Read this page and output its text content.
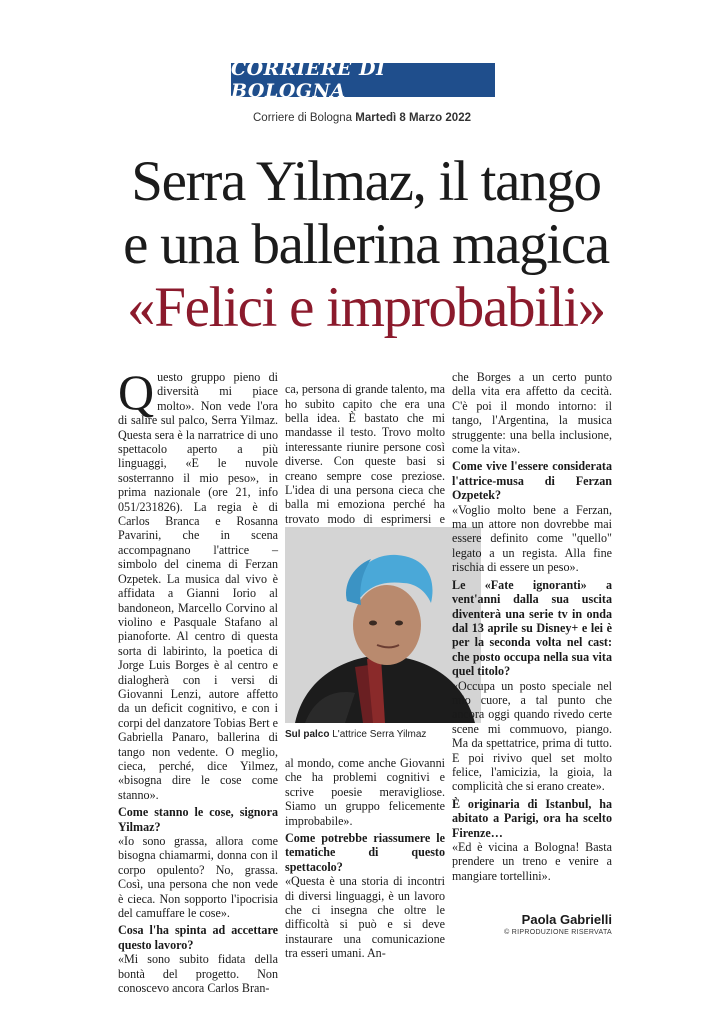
CORRIERE DI BOLOGNA
Corriere di Bologna Martedì 8 Marzo 2022
Serra Yilmaz, il tango
e una ballerina magica
«Felici e improbabili»

Questo gruppo pieno di diversità mi piace molto». Non vede l'ora di salire sul palco, Serra Yilmaz. Questa sera è la narratrice di uno spettacolo aperto a più linguaggi, «E le nuvole sosterranno il mio peso», in prima nazionale (ore 21, info 051/231826). La regia è di Carlos Branca e Rosanna Pavarini, che in scena accompagnano l'attrice – simbolo del cinema di Ferzan Ozpetek. La musica dal vivo è affidata a Gianni Iorio al bandoneon, Marcello Corvino al violino e Pasquale Stafano al pianoforte. Al centro di questa sorta di labirinto, la poetica di Jorge Luis Borges è al centro e dialogherà con i versi di Giovanni Lenzi, autore affetto da un deficit cognitivo, e con i corpi del danzatore Tobias Bert e Gabriella Panaro, ballerina di tango non vedente. O meglio, cieca, perché, dice Yilmez, «bisogna dire le cose come stanno».

Come stanno le cose, signora Yilmaz?

«Io sono grassa, allora come bisogna chiamarmi, donna con il corpo opulento? No, grassa. Così, una persona che non vede è cieca. Non sopporto l'ipocrisia del camuffare le cose».

Cosa l'ha spinta ad accettare questo lavoro?

«Mi sono subito fidata della bontà del progetto. Non conoscevo ancora Carlos Bran-

ca, persona di grande talento, ma ho subito capito che era una bella idea. È bastato che mi mandasse il testo. Trovo molto interessante riunire persone così diverse. Con queste basi si creano sempre cose preziose. L'idea di una persona cieca che balla mi emoziona perché ha trovato modo di esprimersi e

Sul palco L'attrice Serra Yilmaz

al mondo, come anche Giovanni che ha problemi cognitivi e scrive poesie meravigliose. Siamo un gruppo felicemente improbabile».

Come potrebbe riassumere le tematiche di questo spettacolo?

«Questa è una storia di incontri di diversi linguaggi, è un lavoro che ci insegna che oltre le difficoltà si può e si deve instaurare una comunicazione tra esseri umani. An-

che Borges a un certo punto della vita era affetto da cecità. C'è poi il mondo intorno: il tango, l'Argentina, la musica struggente: una bella inclusione, come la vita».

Come vive l'essere considerata l'attrice-musa di Ferzan Ozpetek?

«Voglio molto bene a Ferzan, ma un attore non dovrebbe mai essere definito come "quello" legato a un regista. Alla fine rischia di essere un peso».

Le «Fate ignoranti» a vent'anni dalla sua uscita diventerà una serie tv in onda dal 13 aprile su Disney+ e lei è per la seconda volta nel cast: che posto occupa nella sua vita quel titolo?

«Occupa un posto speciale nel mio cuore, a tal punto che ancora oggi quando rivedo certe scene mi commuovo, piango. Ma da spettatrice, prima di tutto. E poi rivivo quel set molto felice, l'amicizia, la gioia, la complicità che si erano create».

È originaria di Istanbul, ha abitato a Parigi, ora ha scelto Firenze…

«Ed è vicina a Bologna! Basta prendere un treno e venire a mangiare tortellini».

Paola Gabrielli
© RIPRODUZIONE RISERVATA
